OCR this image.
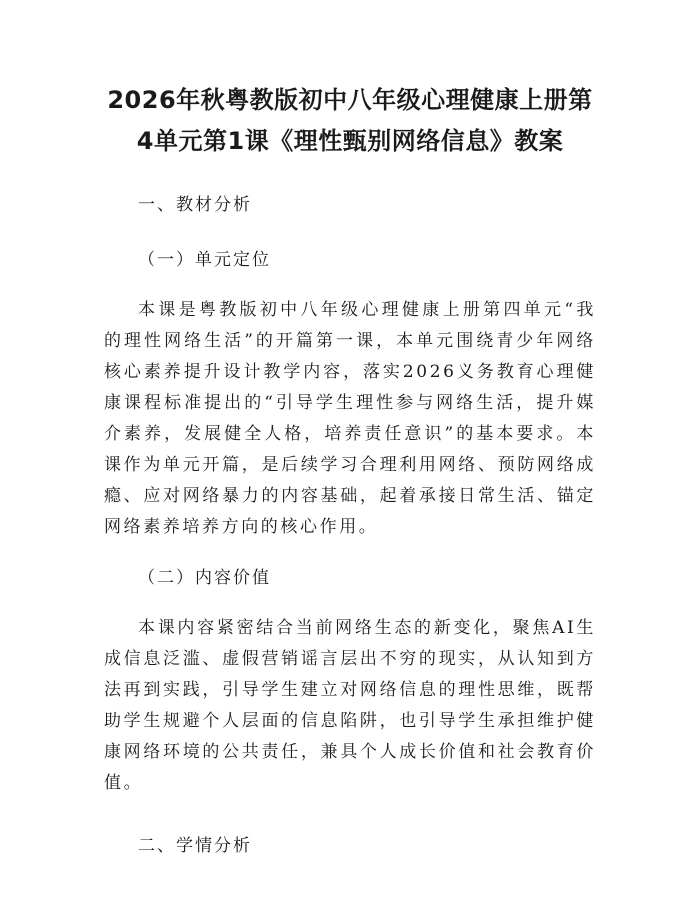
2026年秋粤教版初中八年级心理健康上册第
4单元第1课《理性甄别网络信息》教案
一、教材分析
（一）单元定位

本课是粤教版初中八年级心理健康上册第四单元“我的理性网络生活”的开篇第一课，本单元围绕青少年网络核心素养提升设计教学内容，落实2026义务教育心理健康课程标准提出的“引导学生理性参与网络生活，提升媒介素养，发展健全人格，培养责任意识”的基本要求。本课作为单元开篇，是后续学习合理利用网络、预防网络成瘾、应对网络暴力的内容基础，起着承接日常生活、锚定网络素养培养方向的核心作用。

（二）内容价值

本课内容紧密结合当前网络生态的新变化，聚焦AI生成信息泛滥、虚假营销谣言层出不穷的现实，从认知到方法再到实践，引导学生建立对网络信息的理性思维，既帮助学生规避个人层面的信息陷阱，也引导学生承担维护健康网络环境的公共责任，兼具个人成长价值和社会教育价值。

二、学情分析
